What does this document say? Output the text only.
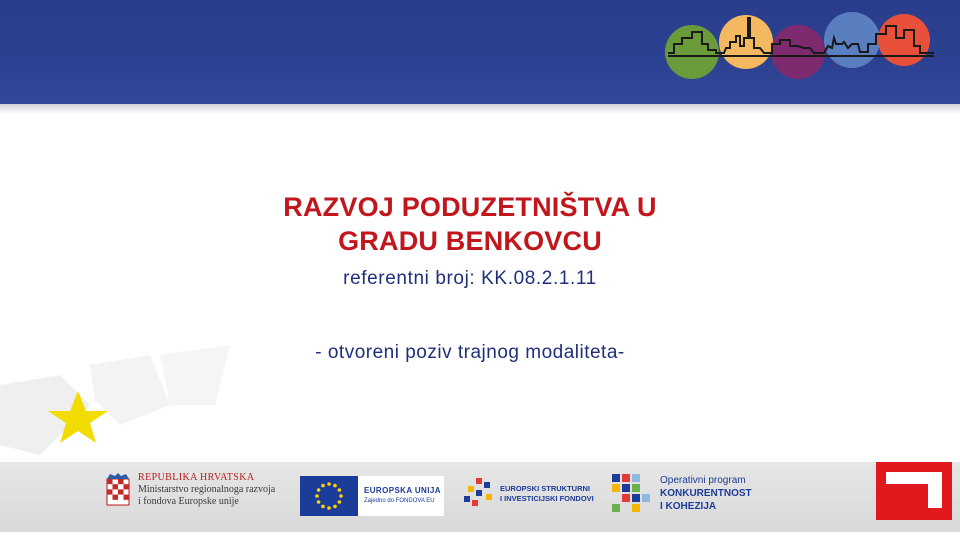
RAZVOJ PODUZETNIŠTVA U
GRADU BENKOVCU
referentni broj: KK.08.2.1.11
- otvoreni poziv trajnog modaliteta-
REPUBLIKA HRVATSKA
Ministarstvo regionalnoga razvoja
i fondova Europske unije
EUROPSKA UNIJA
Zajedno do FONDOVA EU
EUROPSKI STRUKTURNI
I INVESTICIJSKI FONDOVI
Operativni program
KONKURENTNOST
I KOHEZIJA
